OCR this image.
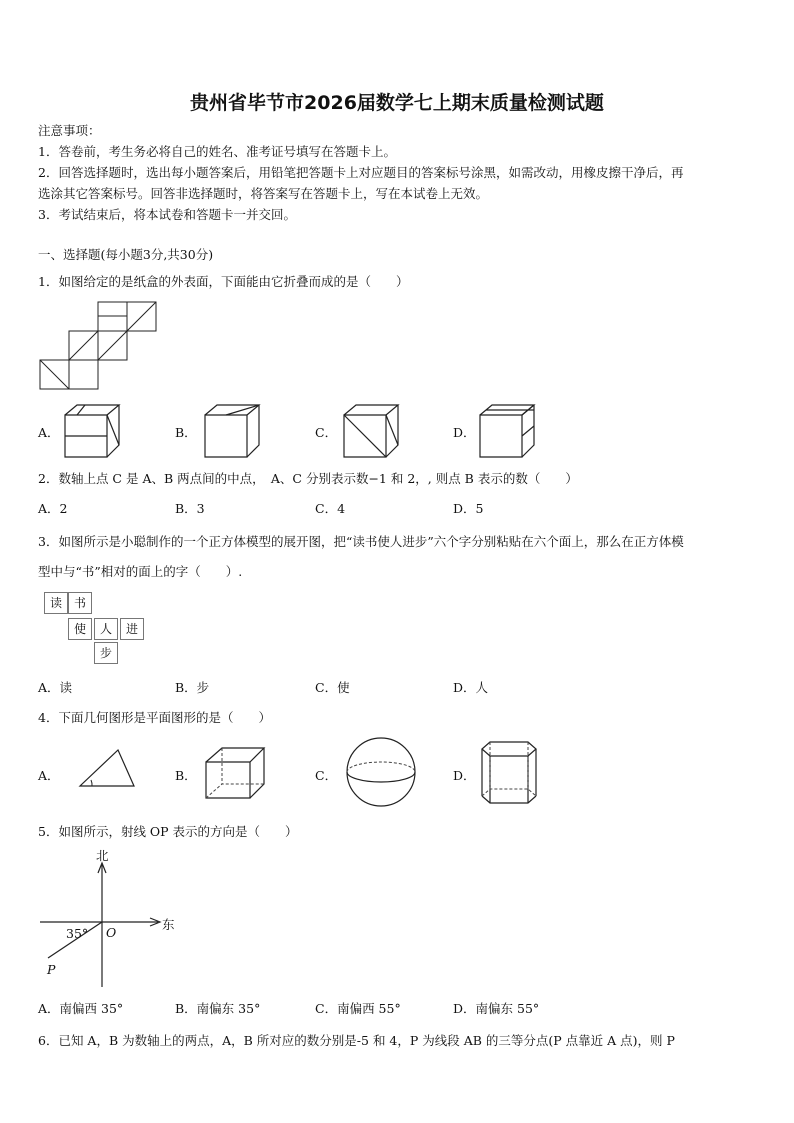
贵州省毕节市2026届数学七上期末质量检测试题
注意事项：
1．答卷前，考生务必将自己的姓名、准考证号填写在答题卡上。
2．回答选择题时，选出每小题答案后，用铅笔把答题卡上对应题目的答案标号涂黑，如需改动，用橡皮擦干净后，再
选涂其它答案标号。回答非选择题时，将答案写在答题卡上，写在本试卷上无效。
3．考试结束后，将本试卷和答题卡一并交回。
一、选择题(每小题3分,共30分)
1．如图给定的是纸盒的外表面，下面能由它折叠而成的是（　　）
A．	B．	C．	D．
2．数轴上点 C 是 A、B 两点间的中点，　A、C 分别表示数−1 和 2，, 则点 B 表示的数（　　）
A．2	B．3	C．4	D．5
3．如图所示是小聪制作的一个正方体模型的展开图，把“读书使人进步”六个字分别粘贴在六个面上，那么在正方体模
型中与“书”相对的面上的字（　　）.
读 书
使	人	进
步
A．读	B．步	C．使	D．人
4．下面几何图形是平面图形的是（　　）
A．	B．	C．	D．
5．如图所示，射线 OP 表示的方向是（　　）
北
东
35° O
P
A．南偏西 35°	B．南偏东 35°	C．南偏西 55°	D．南偏东 55°
6．已知 A，B 为数轴上的两点，A，B 所对应的数分别是-5 和 4，P 为线段 AB 的三等分点(P 点靠近 A 点)，则 P
